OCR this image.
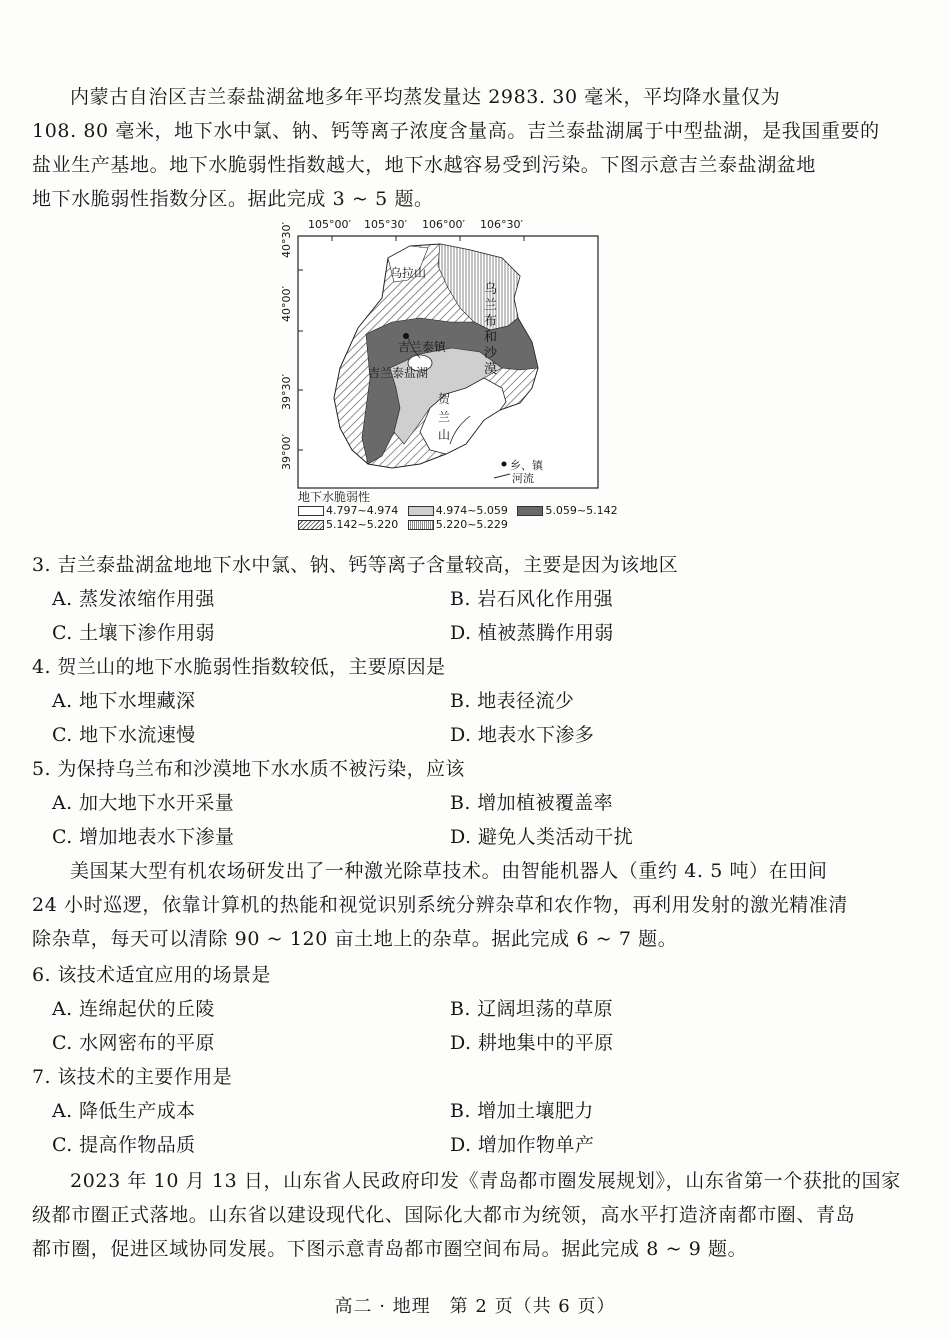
内蒙古自治区吉兰泰盐湖盆地多年平均蒸发量达 2983. 30 毫米，平均降水量仅为
108. 80 毫米，地下水中氯、钠、钙等离子浓度含量高。吉兰泰盐湖属于中型盐湖，是我国重要的
盐业生产基地。地下水脆弱性指数越大，地下水越容易受到污染。下图示意吉兰泰盐湖盆地
地下水脆弱性指数分区。据此完成 3 ~ 5 题。

105°00′ 105°30′ 106°00′ 106°30′
40°30′
40°00′
39°30′
39°00′
乌拉山
乌兰布和沙漠
吉兰泰镇
吉兰泰盐湖
贺兰山
乡、镇
河流
地下水脆弱性
4.797~4.974	4.974~5.059	5.059~5.142
5.142~5.220	5.220~5.229
3. 吉兰泰盐湖盆地地下水中氯、钠、钙等离子含量较高，主要是因为该地区
A. 蒸发浓缩作用强	B. 岩石风化作用强
C. 土壤下渗作用弱	D. 植被蒸腾作用弱
4. 贺兰山的地下水脆弱性指数较低，主要原因是
A. 地下水埋藏深	B. 地表径流少
C. 地下水流速慢	D. 地表水下渗多
5. 为保持乌兰布和沙漠地下水水质不被污染，应该
A. 加大地下水开采量	B. 增加植被覆盖率
C. 增加地表水下渗量	D. 避免人类活动干扰

美国某大型有机农场研发出了一种激光除草技术。由智能机器人（重约 4. 5 吨）在田间
24 小时巡逻，依靠计算机的热能和视觉识别系统分辨杂草和农作物，再利用发射的激光精准清
除杂草，每天可以清除 90 ~ 120 亩土地上的杂草。据此完成 6 ~ 7 题。

6. 该技术适宜应用的场景是
A. 连绵起伏的丘陵	B. 辽阔坦荡的草原
C. 水网密布的平原	D. 耕地集中的平原
7. 该技术的主要作用是
A. 降低生产成本	B. 增加土壤肥力
C. 提高作物品质	D. 增加作物单产

2023 年 10 月 13 日，山东省人民政府印发《青岛都市圈发展规划》，山东省第一个获批的国家
级都市圈正式落地。山东省以建设现代化、国际化大都市为统领，高水平打造济南都市圈、青岛
都市圈，促进区域协同发展。下图示意青岛都市圈空间布局。据此完成 8 ~ 9 题。

高二 · 地理　第 2 页（共 6 页）
